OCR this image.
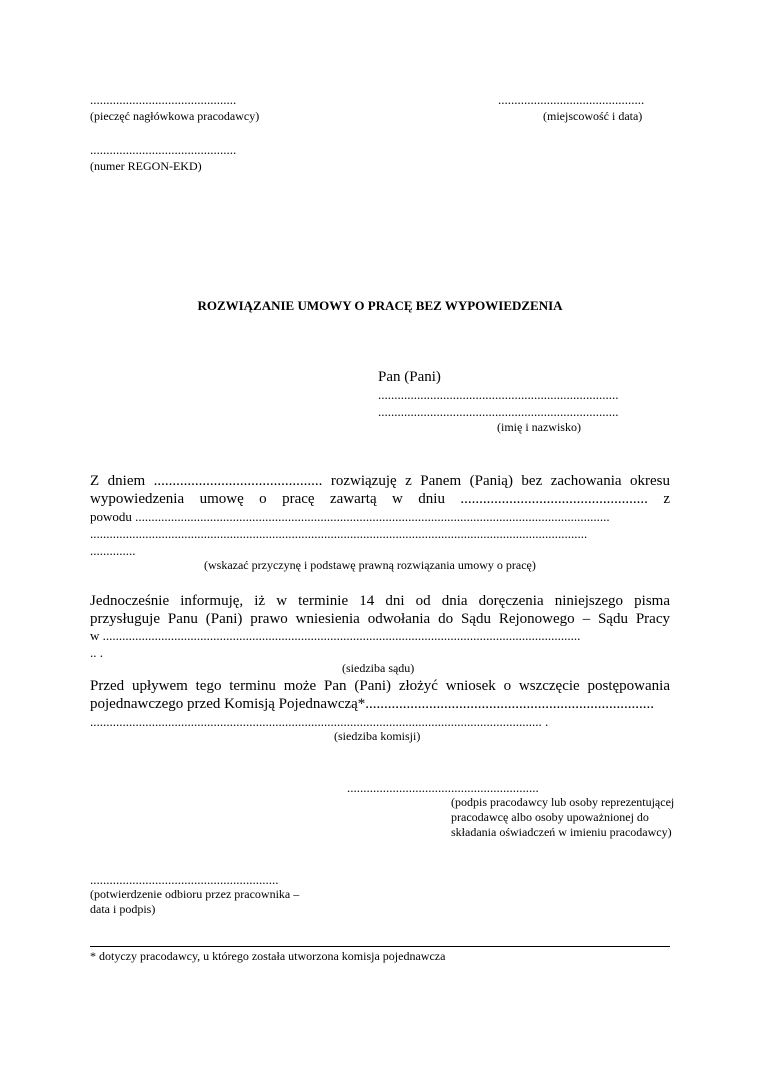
.............................................
(pieczęć nagłówkowa pracodawcy)
.............................................
(miejscowość i data)
.............................................
(numer REGON-EKD)
ROZWIĄZANIE UMOWY O PRACĘ BEZ WYPOWIEDZENIA
Pan (Pani)
..........................................................................
..........................................................................
(imię i nazwisko)
Z dniem ............................................. rozwiązuję z Panem (Panią) bez zachowania okresu
wypowiedzenia umowę o pracę zawartą w dniu .................................................. z
powodu ..................................................................................................................................................
.........................................................................................................................................................
..............
(wskazać przyczynę i podstawę prawną rozwiązania umowy o pracę)
Jednocześnie informuję, iż w terminie 14 dni od dnia doręczenia niniejszego pisma
przysługuje Panu (Pani) prawo wniesienia odwołania do Sądu Rejonowego – Sądu Pracy
w ...................................................................................................................................................
.. .
(siedziba sądu)
Przed upływem tego terminu może Pan (Pani) złożyć wniosek o wszczęcie postępowania
pojednawczego przed Komisją Pojednawczą*.............................................................................
........................................................................................................................................... .
(siedziba komisji)
...........................................................
(podpis pracodawcy lub osoby reprezentującej pracodawcę albo osoby upoważnionej do składania oświadczeń w imieniu pracodawcy)
..........................................................
(potwierdzenie odbioru przez pracownika – data i podpis)
* dotyczy pracodawcy, u którego została utworzona komisja pojednawcza
